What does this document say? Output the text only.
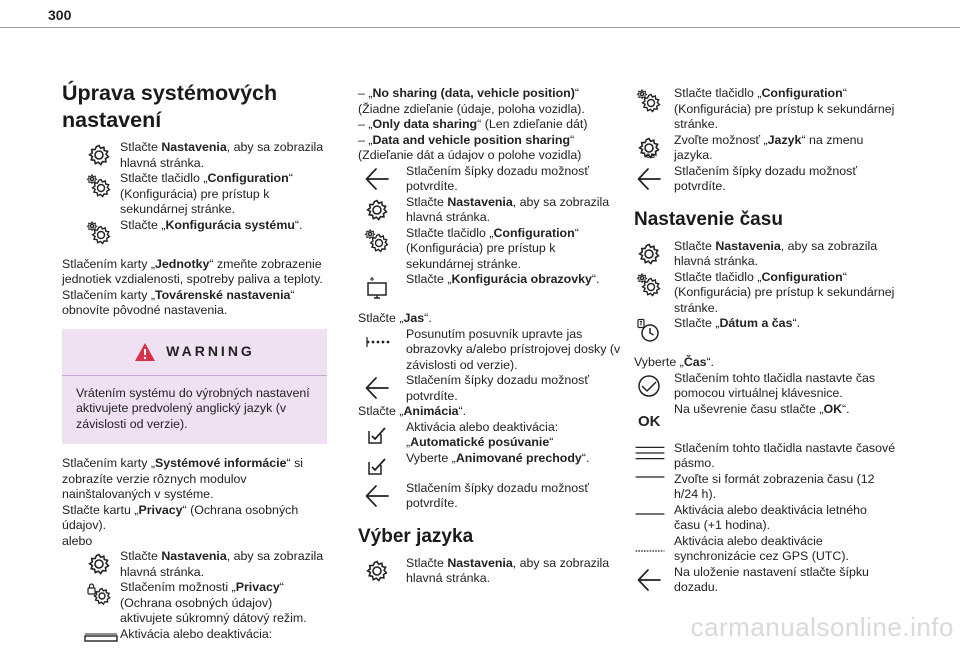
300
Úprava systémových nastavení
Stlačte Nastavenia, aby sa zobrazila hlavná stránka.
Stlačte tlačidlo „Configuration“ (Konfigurácia) pre prístup k sekundárnej stránke.
Stlačte „Konfigurácia systému“.

Stlačením karty „Jednotky“ zmeňte zobrazenie jednotiek vzdialenosti, spotreby paliva a teploty.

Stlačením karty „Továrenské nastavenia“ obnovíte pôvodné nastavenia.

WARNING
Vrátením systému do výrobných nastavení aktivujete predvolený anglický jazyk (v závislosti od verzie).

Stlačením karty „Systémové informácie“ si zobrazíte verzie rôznych modulov nainštalovaných v systéme.

Stlačte kartu „Privacy“ (Ochrana osobných údajov).

alebo

Stlačte Nastavenia, aby sa zobrazila hlavná stránka.
Stlačením možnosti „Privacy“ (Ochrana osobných údajov) aktivujete súkromný dátový režim.
Aktivácia alebo deaktivácia:

– „No sharing (data, vehicle position)“ (Žiadne zdieľanie (údaje, poloha vozidla).

– „Only data sharing“ (Len zdieľanie dát)

– „Data and vehicle position sharing“ (Zdieľanie dát a údajov o polohe vozidla)

Stlačením šípky dozadu možnosť potvrdíte.
Stlačte Nastavenia, aby sa zobrazila hlavná stránka.
Stlačte tlačidlo „Configuration“ (Konfigurácia) pre prístup k sekundárnej stránke.
Stlačte „Konfigurácia obrazovky“.

Stlačte „Jas“.

Posunutím posuvník upravte jas obrazovky a/alebo prístrojovej dosky (v závislosti od verzie).
Stlačením šípky dozadu možnosť potvrdíte.

Stlačte „Animácia“.

Aktivácia alebo deaktivácia: „Automatické posúvanie“
Vyberte „Animované prechody“.
Stlačením šípky dozadu možnosť potvrdíte.
Výber jazyka
Stlačte Nastavenia, aby sa zobrazila hlavná stránka.
Stlačte tlačidlo „Configuration“ (Konfigurácia) pre prístup k sekundárnej stránke.
GB
Zvoľte možnosť „Jazyk“ na zmenu jazyka.
Stlačením šípky dozadu možnosť potvrdíte.
Nastavenie času
Stlačte Nastavenia, aby sa zobrazila hlavná stránka.
Stlačte tlačidlo „Configuration“ (Konfigurácia) pre prístup k sekundárnej stránke.
Stlačte „Dátum a čas“.

Vyberte „Čas“.

Stlačením tohto tlačidla nastavte čas pomocou virtuálnej klávesnice.
OK
Na uševrenie času stlačte „OK“.
Stlačením tohto tlačidla nastavte časové pásmo.
Zvoľte si formát zobrazenia času (12 h/24 h).
Aktivácia alebo deaktivácia letného času (+1 hodina).
Aktivácia alebo deaktivácie synchronizácie cez GPS (UTC).
Na uloženie nastavení stlačte šípku dozadu.
carmanualsonline.info
